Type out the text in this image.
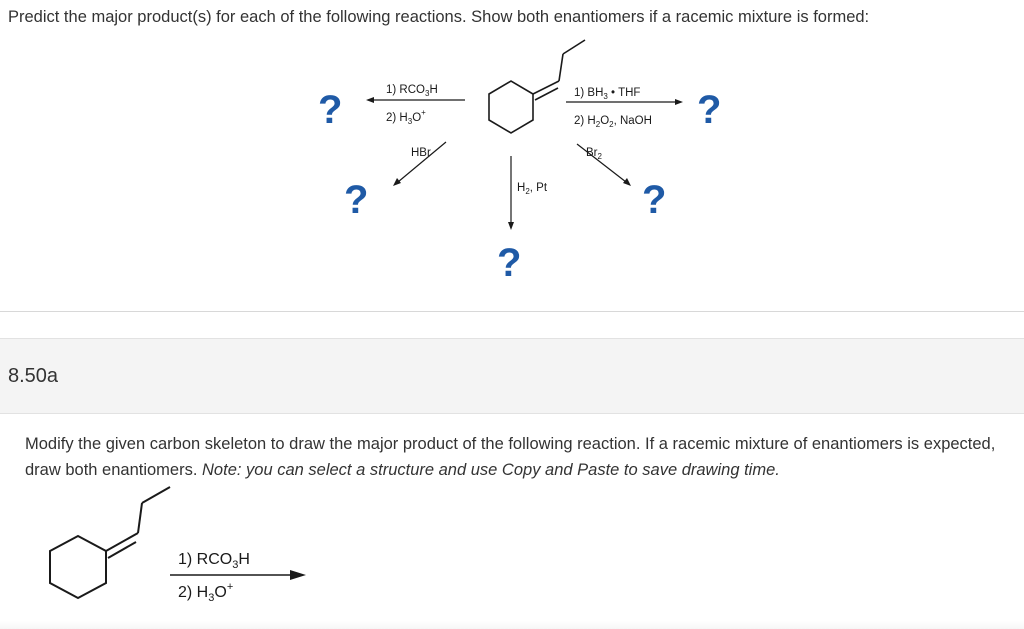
Predict the major product(s) for each of the following reactions. Show both enantiomers if a racemic mixture is formed:
1) $RCO_3H$
2) $H_3O^+$
?	1) $BH_3$ • THF
2) $H_2O_2$, NaOH ?
HBr
?
$Br_2$
?
$H_2$, Pt
?
8.50a
Modify the given carbon skeleton to draw the major product of the following reaction. If a racemic mixture of enantiomers is expected, draw both enantiomers. Note: you can select a structure and use Copy and Paste to save drawing time.
1) $RCO_3H$
2) $H_3O^+$
